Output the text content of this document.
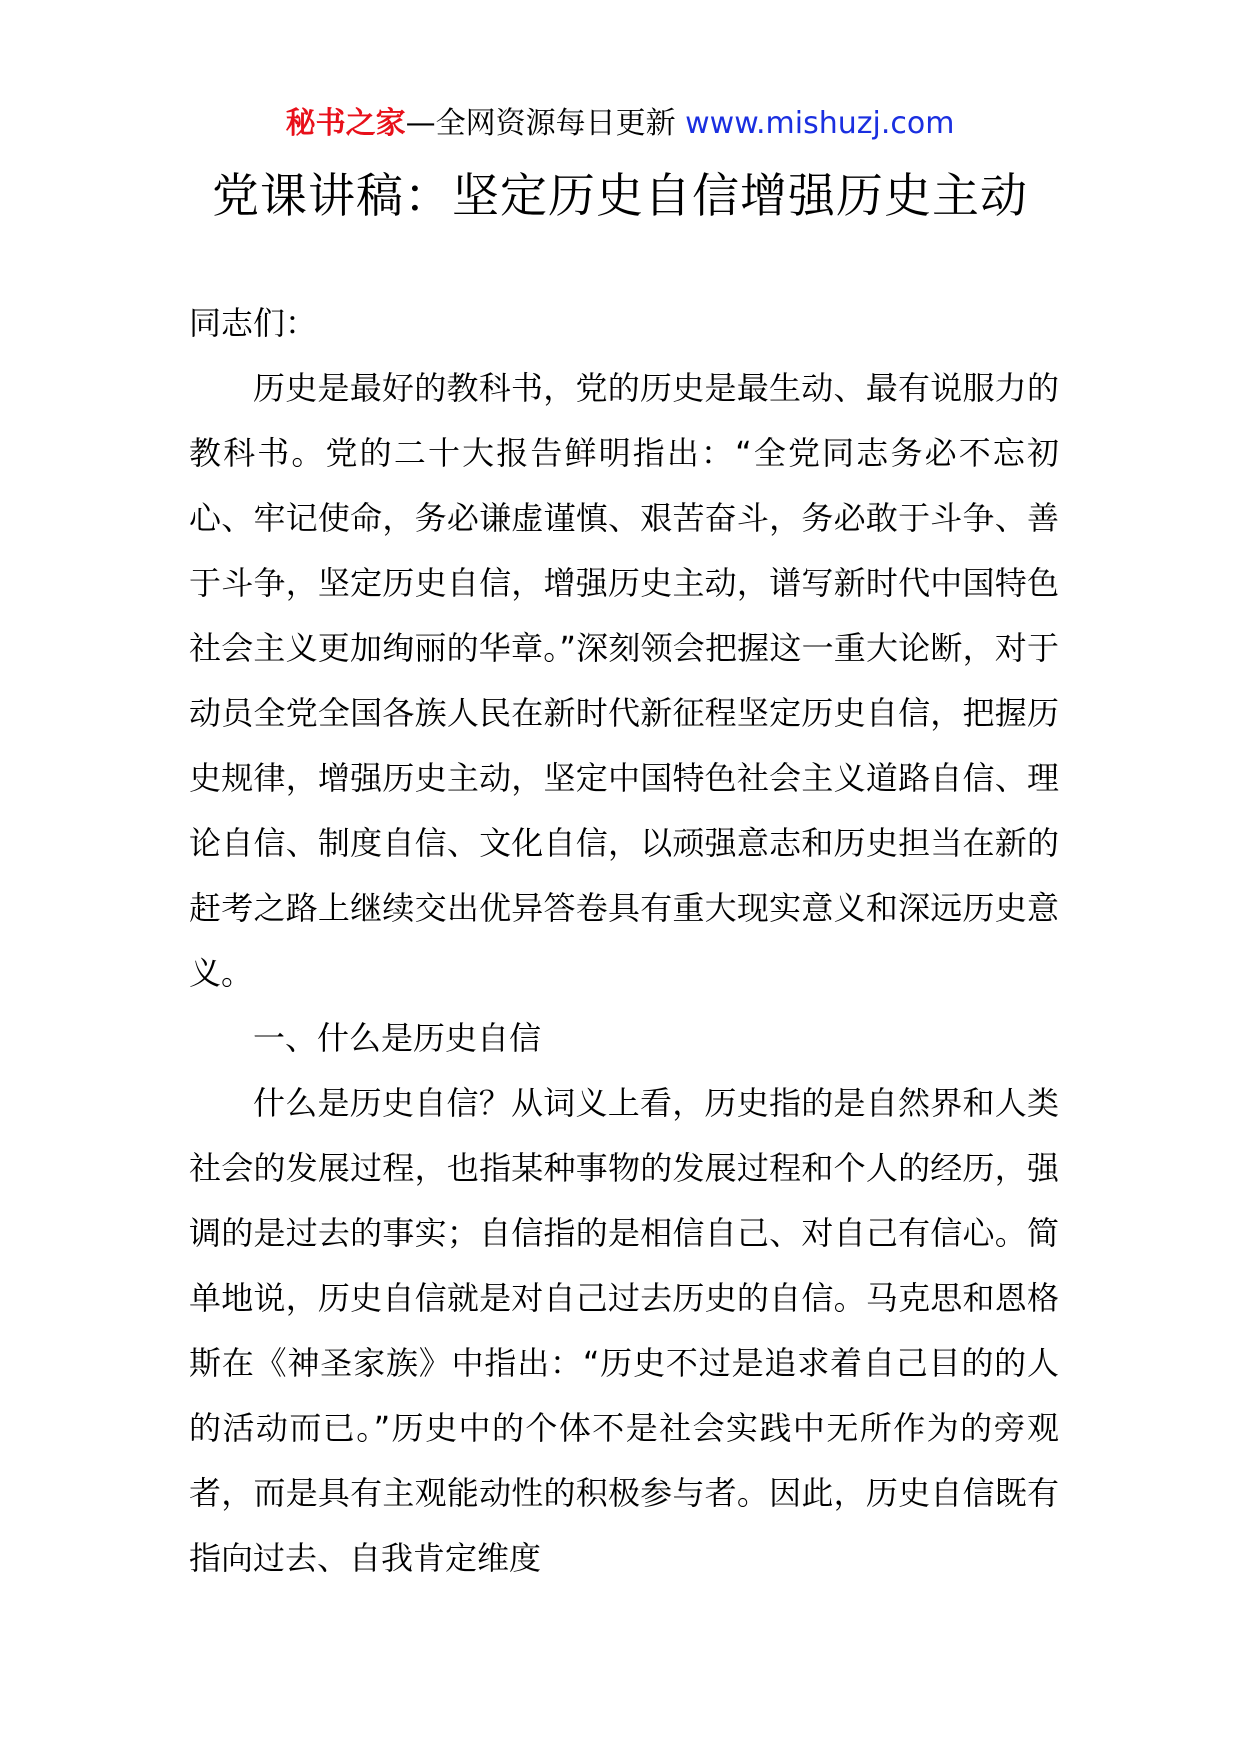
秘书之家—全网资源每日更新 www.mishuzj.com
党课讲稿：坚定历史自信增强历史主动

同志们：

历史是最好的教科书，党的历史是最生动、最有说服力的教科书。党的二十大报告鲜明指出：“全党同志务必不忘初心、牢记使命，务必谦虚谨慎、艰苦奋斗，务必敢于斗争、善于斗争，坚定历史自信，增强历史主动，谱写新时代中国特色社会主义更加绚丽的华章。”深刻领会把握这一重大论断，对于动员全党全国各族人民在新时代新征程坚定历史自信，把握历史规律，增强历史主动，坚定中国特色社会主义道路自信、理论自信、制度自信、文化自信，以顽强意志和历史担当在新的赶考之路上继续交出优异答卷具有重大现实意义和深远历史意义。

一、什么是历史自信

什么是历史自信？从词义上看，历史指的是自然界和人类社会的发展过程，也指某种事物的发展过程和个人的经历，强调的是过去的事实；自信指的是相信自己、对自己有信心。简单地说，历史自信就是对自己过去历史的自信。马克思和恩格斯在《神圣家族》中指出：“历史不过是追求着自己目的的人的活动而已。”历史中的个体不是社会实践中无所作为的旁观者，而是具有主观能动性的积极参与者。因此，历史自信既有指向过去、自我肯定维度
